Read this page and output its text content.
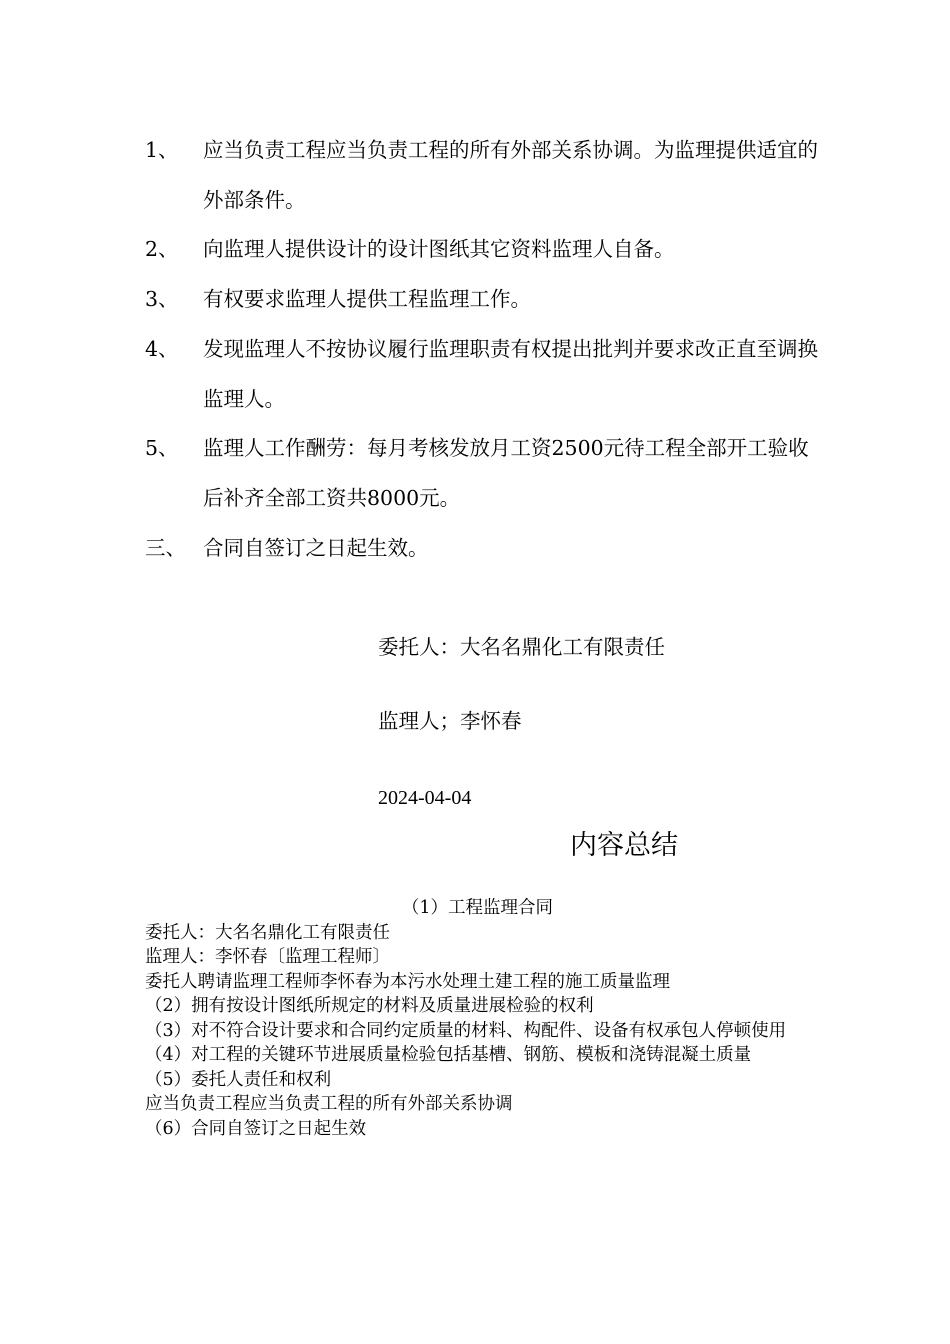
1、	应当负责工程应当负责工程的所有外部关系协调。为监理提供适宜的外部条件。
2、	向监理人提供设计的设计图纸其它资料监理人自备。
3、	有权要求监理人提供工程监理工作。
4、	发现监理人不按协议履行监理职责有权提出批判并要求改正直至调换监理人。
5、	监理人工作酬劳：每月考核发放月工资2500元待工程全部开工验收后补齐全部工资共8000元。
三、 合同自签订之日起生效。
委托人：大名名鼎化工有限责任
监理人；李怀春
2024-04-04
内容总结
（1）工程监理合同
委托人：大名名鼎化工有限责任
监理人：李怀春〔监理工程师〕
委托人聘请监理工程师李怀春为本污水处理土建工程的施工质量监理
（2）拥有按设计图纸所规定的材料及质量进展检验的权利
（3）对不符合设计要求和合同约定质量的材料、构配件、设备有权承包人停顿使用
（4）对工程的关键环节进展质量检验包括基槽、钢筋、模板和浇铸混凝土质量
（5）委托人责任和权利
应当负责工程应当负责工程的所有外部关系协调
（6）合同自签订之日起生效
